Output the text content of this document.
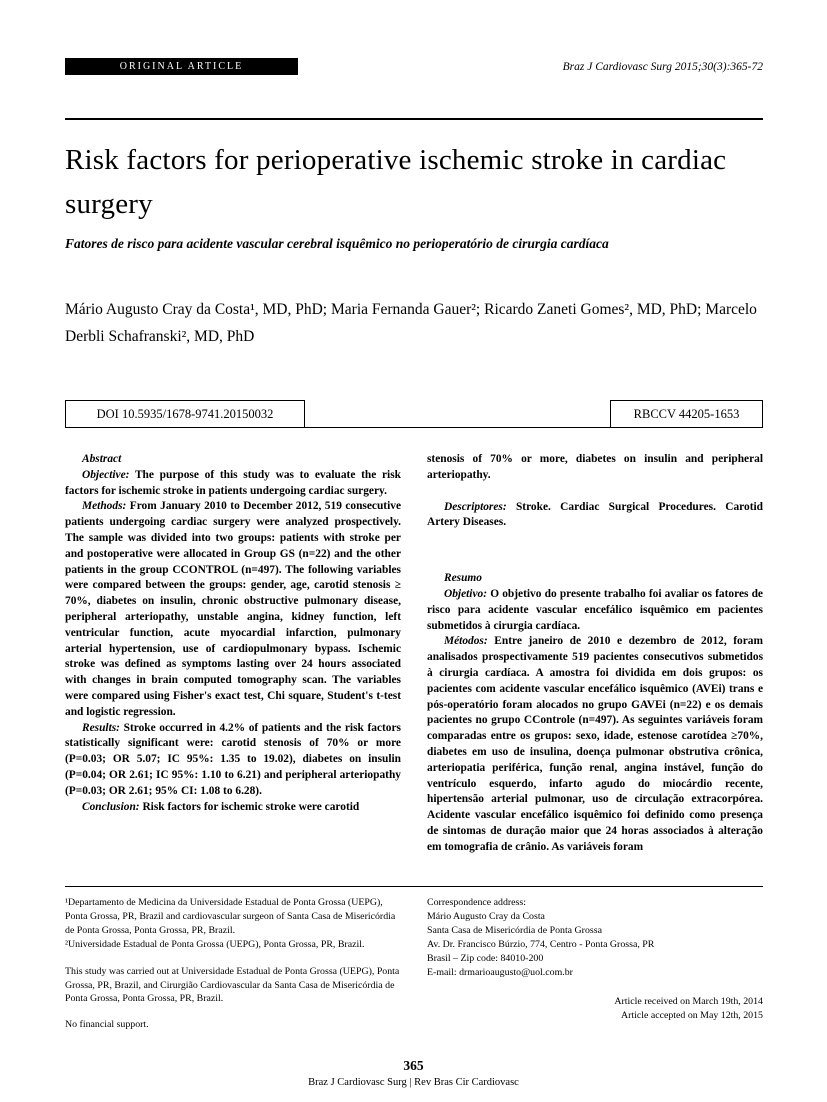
ORIGINAL ARTICLE	Braz J Cardiovasc Surg 2015;30(3):365-72
Risk factors for perioperative ischemic stroke in cardiac surgery
Fatores de risco para acidente vascular cerebral isquêmico no perioperatório de cirurgia cardíaca

Mário Augusto Cray da Costa¹, MD, PhD; Maria Fernanda Gauer²; Ricardo Zaneti Gomes², MD, PhD; Marcelo Derbli Schafranski², MD, PhD

DOI 10.5935/1678-9741.20150032	RBCCV 44205-1653

Abstract

Objective: The purpose of this study was to evaluate the risk factors for ischemic stroke in patients undergoing cardiac surgery.

Methods: From January 2010 to December 2012, 519 consecutive patients undergoing cardiac surgery were analyzed prospectively. The sample was divided into two groups: patients with stroke per and postoperative were allocated in Group GS (n=22) and the other patients in the group CCONTROL (n=497). The following variables were compared between the groups: gender, age, carotid stenosis ≥ 70%, diabetes on insulin, chronic obstructive pulmonary disease, peripheral arteriopathy, unstable angina, kidney function, left ventricular function, acute myocardial infarction, pulmonary arterial hypertension, use of cardiopulmonary bypass. Ischemic stroke was defined as symptoms lasting over 24 hours associated with changes in brain computed tomography scan. The variables were compared using Fisher's exact test, Chi square, Student's t-test and logistic regression.

Results: Stroke occurred in 4.2% of patients and the risk factors statistically significant were: carotid stenosis of 70% or more (P=0.03; OR 5.07; IC 95%: 1.35 to 19.02), diabetes on insulin (P=0.04; OR 2.61; IC 95%: 1.10 to 6.21) and peripheral arteriopathy (P=0.03; OR 2.61; 95% CI: 1.08 to 6.28).

Conclusion: Risk factors for ischemic stroke were carotid

stenosis of 70% or more, diabetes on insulin and peripheral arteriopathy.

Descriptores: Stroke. Cardiac Surgical Procedures. Carotid Artery Diseases.

Resumo

Objetivo: O objetivo do presente trabalho foi avaliar os fatores de risco para acidente vascular encefálico isquêmico em pacientes submetidos à cirurgia cardíaca.

Métodos: Entre janeiro de 2010 e dezembro de 2012, foram analisados prospectivamente 519 pacientes consecutivos submetidos à cirurgia cardíaca. A amostra foi dividida em dois grupos: os pacientes com acidente vascular encefálico isquêmico (AVEi) trans e pós-operatório foram alocados no grupo GAVEi (n=22) e os demais pacientes no grupo CControle (n=497). As seguintes variáveis foram comparadas entre os grupos: sexo, idade, estenose carotídea ≥70%, diabetes em uso de insulina, doença pulmonar obstrutiva crônica, arteriopatia periférica, função renal, angina instável, função do ventrículo esquerdo, infarto agudo do miocárdio recente, hipertensão arterial pulmonar, uso de circulação extracorpórea. Acidente vascular encefálico isquêmico foi definido como presença de sintomas de duração maior que 24 horas associados à alteração em tomografia de crânio. As variáveis foram

¹Departamento de Medicina da Universidade Estadual de Ponta Grossa (UEPG), Ponta Grossa, PR, Brazil and cardiovascular surgeon of Santa Casa de Misericórdia de Ponta Grossa, Ponta Grossa, PR, Brazil.

²Universidade Estadual de Ponta Grossa (UEPG), Ponta Grossa, PR, Brazil.

This study was carried out at Universidade Estadual de Ponta Grossa (UEPG), Ponta Grossa, PR, Brazil, and Cirurgião Cardiovascular da Santa Casa de Misericórdia de Ponta Grossa, Ponta Grossa, PR, Brazil.

No financial support.

Correspondence address:
Mário Augusto Cray da Costa
Santa Casa de Misericórdia de Ponta Grossa
Av. Dr. Francisco Búrzio, 774, Centro - Ponta Grossa, PR
Brasil – Zip code: 84010-200
E-mail: drmarioaugusto@uol.com.br
Article received on March 19th, 2014
Article accepted on May 12th, 2015
365
Braz J Cardiovasc Surg | Rev Bras Cir Cardiovasc
